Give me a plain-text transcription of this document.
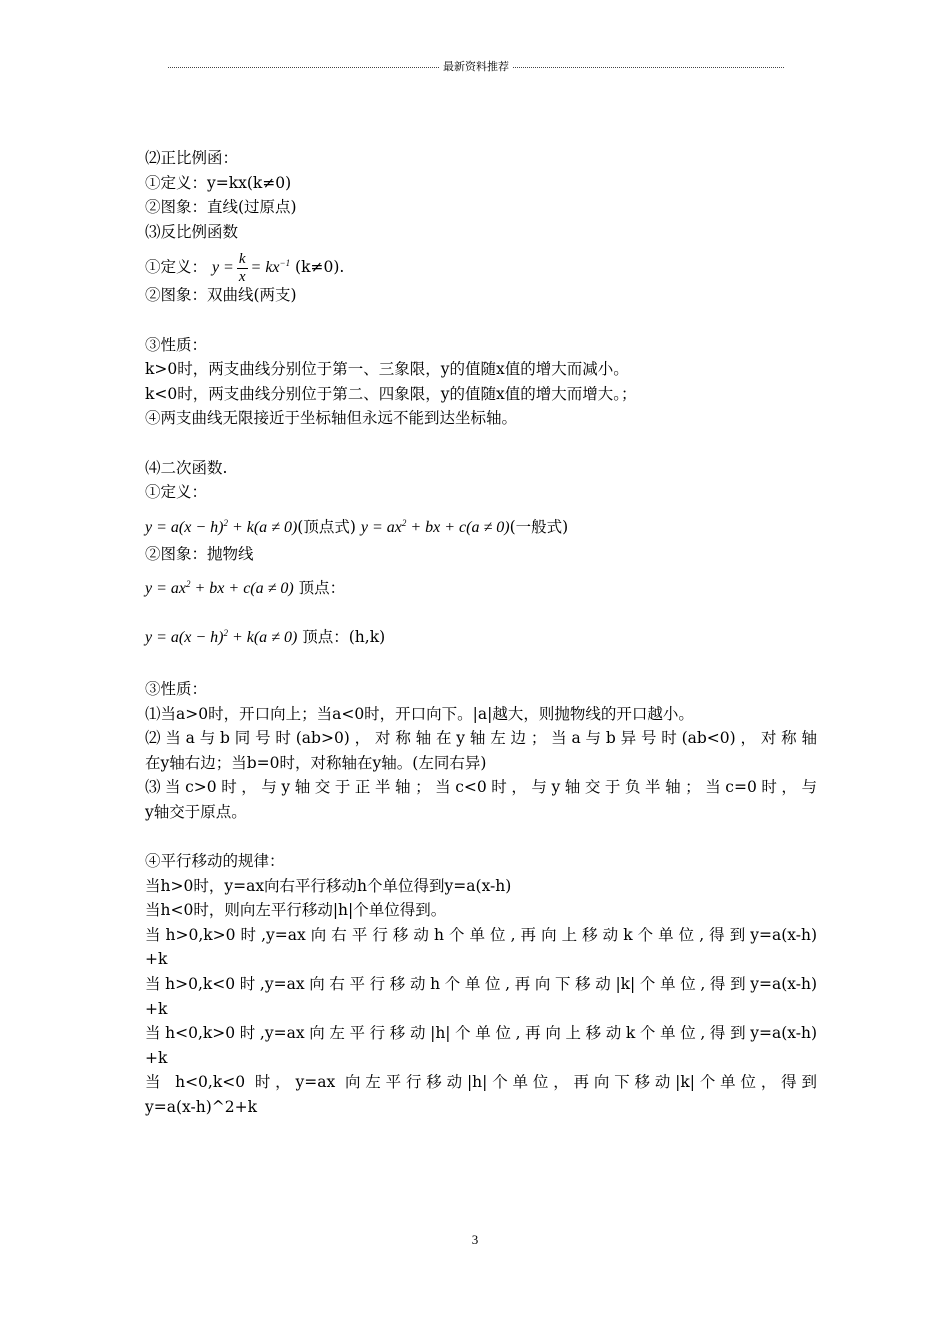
最新资料推荐
⑵正比例函：
①定义：y=kx(k≠0)
②图象：直线(过原点)
⑶反比例函数
①定义： $y = \frac{k}{x} = kx^{-1}$ (k≠0).
②图象：双曲线(两支)
③性质：
k>0时，两支曲线分别位于第一、三象限，y的值随x值的增大而减小。
k<0时，两支曲线分别位于第二、四象限，y的值随x值的增大而增大。；
④两支曲线无限接近于坐标轴但永远不能到达坐标轴。
⑷二次函数.
①定义：
$y = a(x - h)^2 + k(a \ne 0)$(顶点式) $y = ax^2$ + bx + c(a ≠ 0)(一般式)
②图象：抛物线
$y = ax^2$ + bx + c(a ≠ 0) 顶点：
$y = a(x - h)^2 + k(a \ne 0)$ 顶点：(h,k)
③性质：
⑴当a>0时，开口向上；当a<0时，开口向下。|a|越大，则抛物线的开口越小。
⑵当a与b同号时(ab>0)，对称轴在y轴左边；当a与b异号时(ab<0)，对称轴
在y轴右边；当b=0时，对称轴在y轴。(左同右异)
⑶当c>0时，与y轴交于正半轴；当c<0时，与y轴交于负半轴；当c=0时，与
y轴交于原点。
④平行移动的规律：
当h>0时，y=ax向右平行移动h个单位得到y=a(x-h)
当h<0时，则向左平行移动|h|个单位得到。
当h>0,k>0时,y=ax向右平行移动h个单位,再向上移动k个单位,得到y=a(x-h)
+k
当h>0,k<0时,y=ax向右平行移动h个单位,再向下移动|k|个单位,得到y=a(x-h)
+k
当h<0,k>0时,y=ax向左平行移动|h|个单位,再向上移动k个单位,得到y=a(x-h)
+k
当 h<0,k<0 时，y=ax 向左平行移动|h|个单位，再向下移动|k|个单位，得到
y=a(x-h)^2+k
3
